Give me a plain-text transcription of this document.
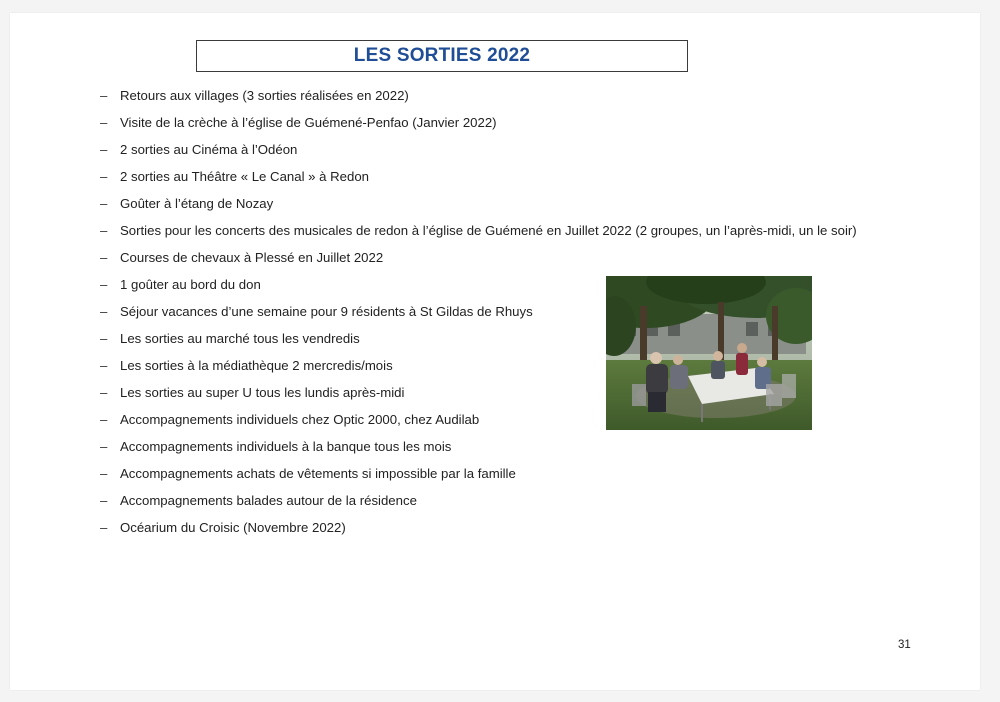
LES SORTIES 2022
– Retours aux villages (3 sorties réalisées en 2022)
– Visite de la crèche à l’église de Guémené-Penfao (Janvier 2022)
– 2 sorties au Cinéma à l’Odéon
– 2 sorties au Théâtre « Le Canal » à Redon
– Goûter à l’étang de Nozay
– Sorties pour les concerts des musicales de redon à l’église de Guémené en Juillet 2022 (2 groupes, un l’après-midi, un le soir)
– Courses de chevaux à Plessé en Juillet 2022
– 1 goûter au bord du don
– Séjour vacances d’une semaine pour 9 résidents à St Gildas de Rhuys
– Les sorties au marché tous les vendredis
– Les sorties à la médiathèque 2 mercredis/mois
– Les sorties au super U tous les lundis après-midi
– Accompagnements individuels chez Optic 2000, chez Audilab
– Accompagnements individuels à la banque tous les mois
– Accompagnements achats de vêtements si impossible par la famille
– Accompagnements balades autour de la résidence
– Océarium du Croisic (Novembre 2022)
31
